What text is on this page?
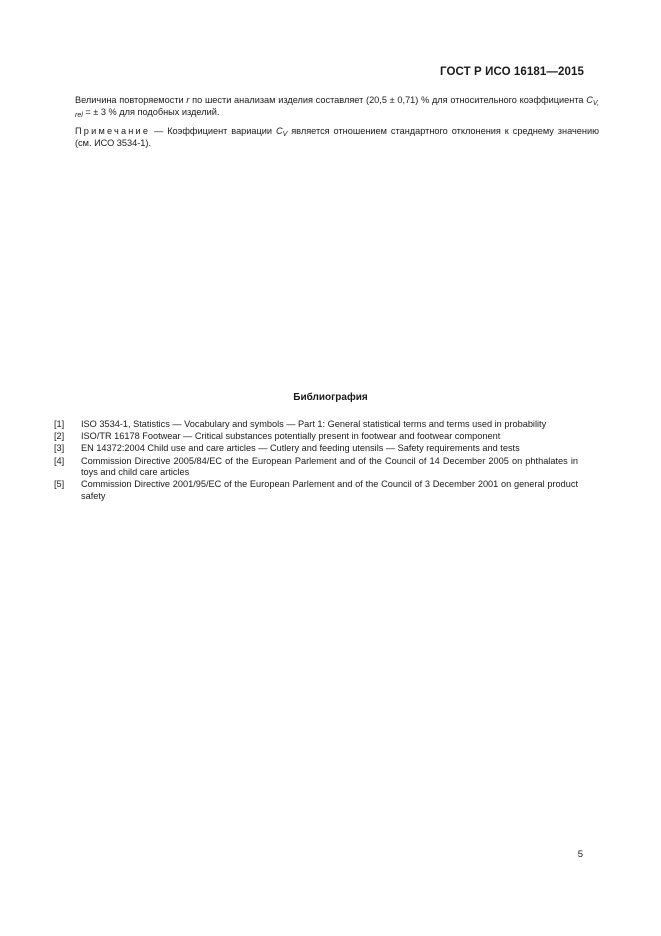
ГОСТ Р ИСО 16181—2015

Величина повторяемости r по шести анализам изделия составляет (20,5 ± 0,71) % для относительного коэффициента $C_{V, rel}$ = ± 3 % для подобных изделий.

Примечание — Коэффициент вариации $C_V$ является отношением стандартного отклонения к среднему значению (см. ИСО 3534-1).

Библиография
[1]	ISO 3534-1, Statistics — Vocabulary and symbols — Part 1: General statistical terms and terms used in probability
[2]	ISO/TR 16178 Footwear — Critical substances potentially present in footwear and footwear component
[3]	EN 14372:2004 Child use and care articles — Cutlery and feeding utensils — Safety requirements and tests
[4]	Commission Directive 2005/84/EC of the European Parlement and of the Council of 14 December 2005 on phthalates in toys and child care articles
[5]	Commission Directive 2001/95/EC of the European Parlement and of the Council of 3 December 2001 on general product safety
5
